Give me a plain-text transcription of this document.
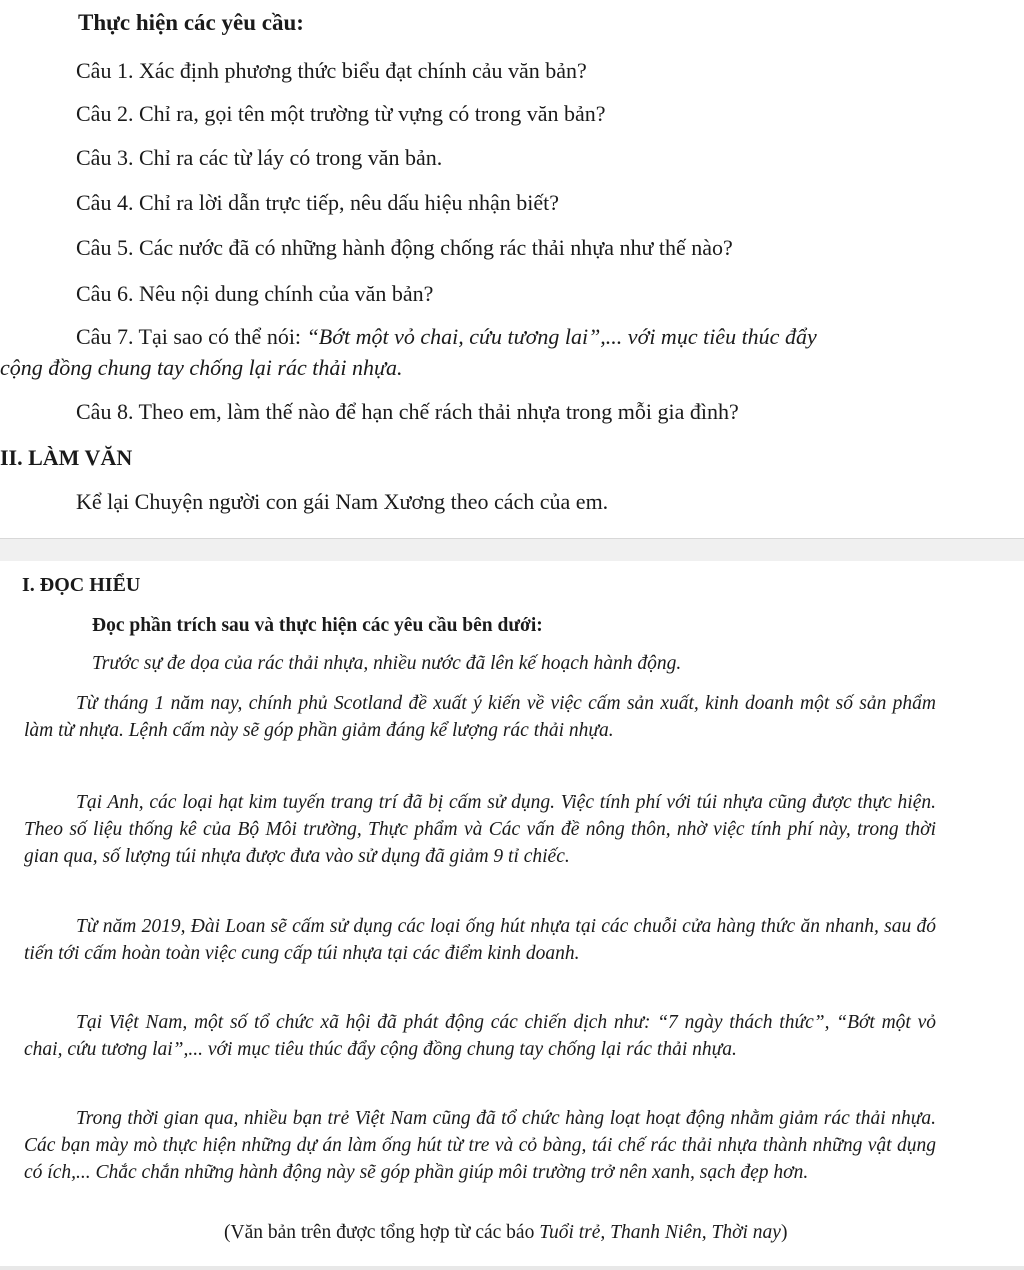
Thực hiện các yêu cầu:

Câu 1. Xác định phương thức biểu đạt chính cảu văn bản?

Câu 2. Chỉ ra, gọi tên một trường từ vựng có trong văn bản?

Câu 3. Chỉ ra các từ láy có trong văn bản.

Câu 4. Chỉ ra lời dẫn trực tiếp, nêu dấu hiệu nhận biết?

Câu 5. Các nước đã có những hành động chống rác thải nhựa như thế nào?

Câu 6. Nêu nội dung chính của văn bản?

Câu 7. Tại sao có thể nói: “Bớt một vỏ chai, cứu tương lai”,... với mục tiêu thúc đẩy

cộng đồng chung tay chống lại rác thải nhựa.

Câu 8. Theo em, làm thế nào để hạn chế rách thải nhựa trong mỗi gia đình?

II. LÀM VĂN

Kể lại Chuyện người con gái Nam Xương theo cách của em.

I. ĐỌC HIỂU

Đọc phần trích sau và thực hiện các yêu cầu bên dưới:

Trước sự đe dọa của rác thải nhựa, nhiều nước đã lên kế hoạch hành động.

Từ tháng 1 năm nay, chính phủ Scotland đề xuất ý kiến về việc cấm sản xuất, kinh doanh một số sản phẩm làm từ nhựa. Lệnh cấm này sẽ góp phần giảm đáng kể lượng rác thải nhựa.

Tại Anh, các loại hạt kim tuyến trang trí đã bị cấm sử dụng. Việc tính phí với túi nhựa cũng được thực hiện. Theo số liệu thống kê của Bộ Môi trường, Thực phẩm và Các vấn đề nông thôn, nhờ việc tính phí này, trong thời gian qua, số lượng túi nhựa được đưa vào sử dụng đã giảm 9 tỉ chiếc.

Từ năm 2019, Đài Loan sẽ cấm sử dụng các loại ống hút nhựa tại các chuỗi cửa hàng thức ăn nhanh, sau đó tiến tới cấm hoàn toàn việc cung cấp túi nhựa tại các điểm kinh doanh.

Tại Việt Nam, một số tổ chức xã hội đã phát động các chiến dịch như: “7 ngày thách thức”, “Bớt một vỏ chai, cứu tương lai”,... với mục tiêu thúc đẩy cộng đồng chung tay chống lại rác thải nhựa.

Trong thời gian qua, nhiều bạn trẻ Việt Nam cũng đã tổ chức hàng loạt hoạt động nhằm giảm rác thải nhựa. Các bạn mày mò thực hiện những dự án làm ống hút từ tre và cỏ bàng, tái chế rác thải nhựa thành những vật dụng có ích,... Chắc chắn những hành động này sẽ góp phần giúp môi trường trở nên xanh, sạch đẹp hơn.

(Văn bản trên được tổng hợp từ các báo Tuổi trẻ, Thanh Niên, Thời nay)
